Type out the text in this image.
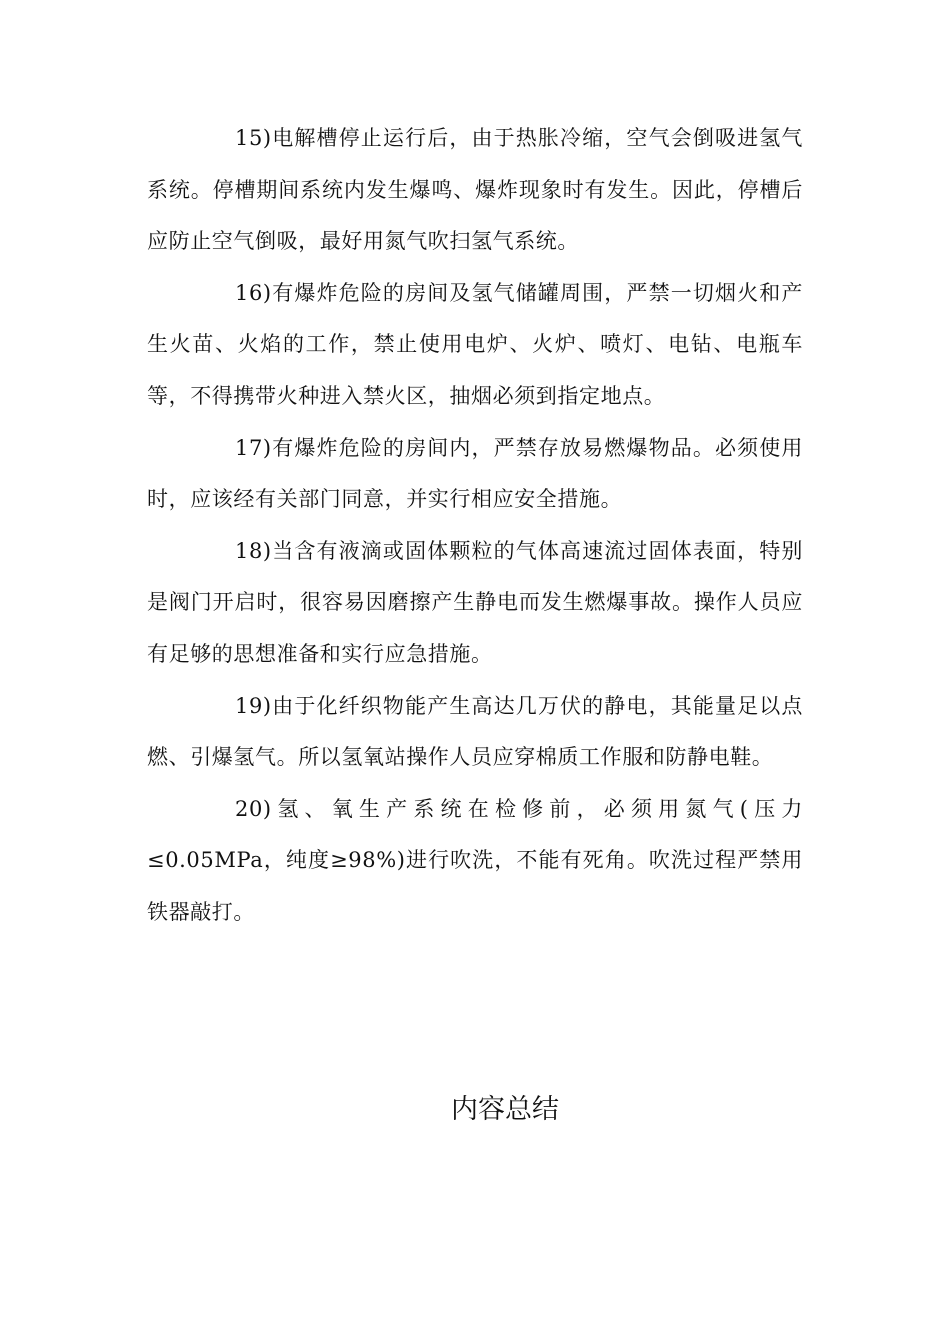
15)电解槽停止运行后，由于热胀冷缩，空气会倒吸进氢气系统。停槽期间系统内发生爆鸣、爆炸现象时有发生。因此，停槽后应防止空气倒吸，最好用氮气吹扫氢气系统。

16)有爆炸危险的房间及氢气储罐周围，严禁一切烟火和产生火苗、火焰的工作，禁止使用电炉、火炉、喷灯、电钻、电瓶车等，不得携带火种进入禁火区，抽烟必须到指定地点。

17)有爆炸危险的房间内，严禁存放易燃爆物品。必须使用时，应该经有关部门同意，并实行相应安全措施。

18)当含有液滴或固体颗粒的气体高速流过固体表面，特别是阀门开启时，很容易因磨擦产生静电而发生燃爆事故。操作人员应有足够的思想准备和实行应急措施。

19)由于化纤织物能产生高达几万伏的静电，其能量足以点燃、引爆氢气。所以氢氧站操作人员应穿棉质工作服和防静电鞋。

20)氢、氧生产系统在检修前，必须用氮气(压力≤0.05MPa，纯度≥98%)进行吹洗，不能有死角。吹洗过程严禁用铁器敲打。

内容总结
